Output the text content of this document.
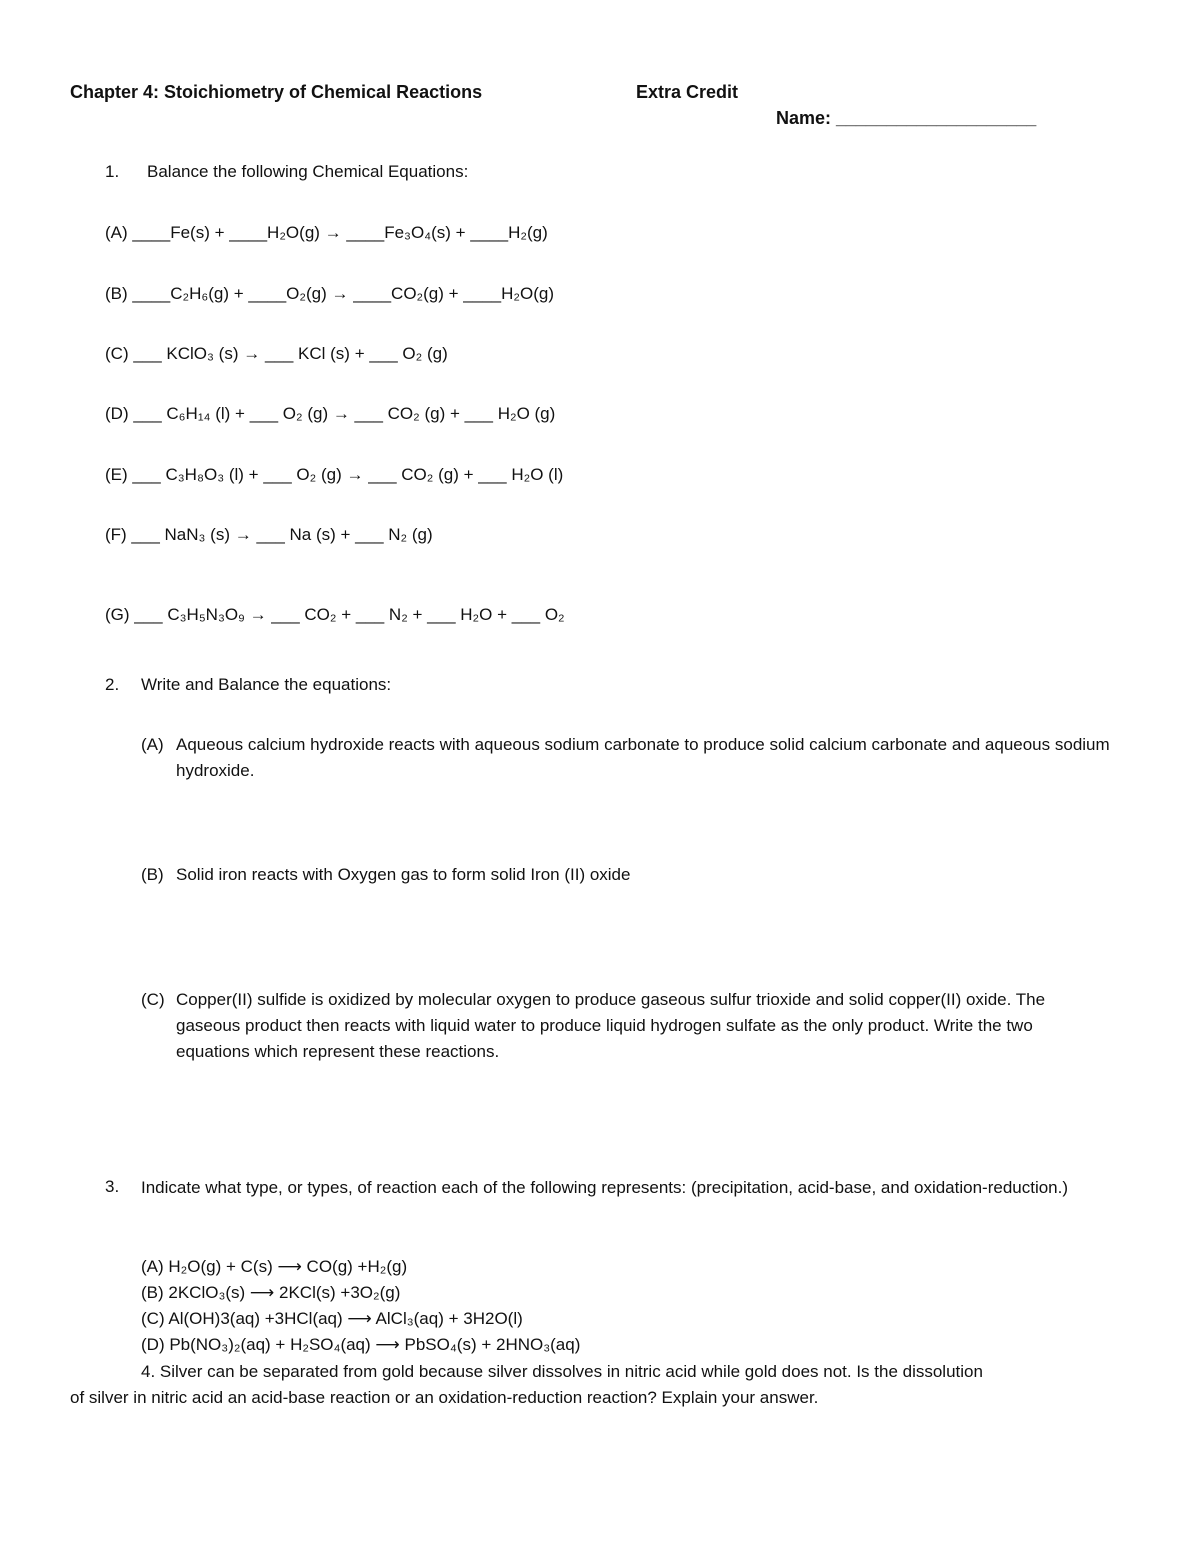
Chapter 4: Stoichiometry of Chemical Reactions	Extra Credit
Name: ____________________
1. Balance the following Chemical Equations:
(A) ____Fe(s) + ____H₂O(g) → ____Fe₃O₄(s) + ____H₂(g)
(B) ____C₂H₆(g) + ____O₂(g) → ____CO₂(g) + ____H₂O(g)
(C) ___ KClO₃ (s) → ___ KCl (s) + ___ O₂ (g)
(D) ___ C₆H₁₄ (l) + ___ O₂ (g) → ___ CO₂ (g) + ___ H₂O (g)
(E) ___ C₃H₈O₃ (l) + ___ O₂ (g) → ___ CO₂ (g) + ___ H₂O (l)
(F) ___ NaN₃ (s) → ___ Na (s) + ___ N₂ (g)
(G) ___ C₃H₅N₃O₉ → ___ CO₂ + ___ N₂ + ___ H₂O + ___ O₂
2. Write and Balance the equations:
(A) Aqueous calcium hydroxide reacts with aqueous sodium carbonate to produce solid calcium carbonate and aqueous sodium hydroxide.
(B) Solid iron reacts with Oxygen gas to form solid Iron (II) oxide
(C) Copper(II) sulfide is oxidized by molecular oxygen to produce gaseous sulfur trioxide and solid copper(II) oxide. The gaseous product then reacts with liquid water to produce liquid hydrogen sulfate as the only product. Write the two equations which represent these reactions.
3. Indicate what type, or types, of reaction each of the following represents: (precipitation, acid-base, and oxidation-reduction.)
(A) H₂O(g) + C(s) ⟶ CO(g) +H₂(g)
(B) 2KClO₃(s) ⟶ 2KCl(s) +3O₂(g)
(C) Al(OH)3(aq) +3HCl(aq) ⟶ AlCl₃(aq) + 3H2O(l)
(D) Pb(NO₃)₂(aq) + H₂SO₄(aq) ⟶ PbSO₄(s) + 2HNO₃(aq)
4. Silver can be separated from gold because silver dissolves in nitric acid while gold does not. Is the dissolution
of silver in nitric acid an acid-base reaction or an oxidation-reduction reaction? Explain your answer.
